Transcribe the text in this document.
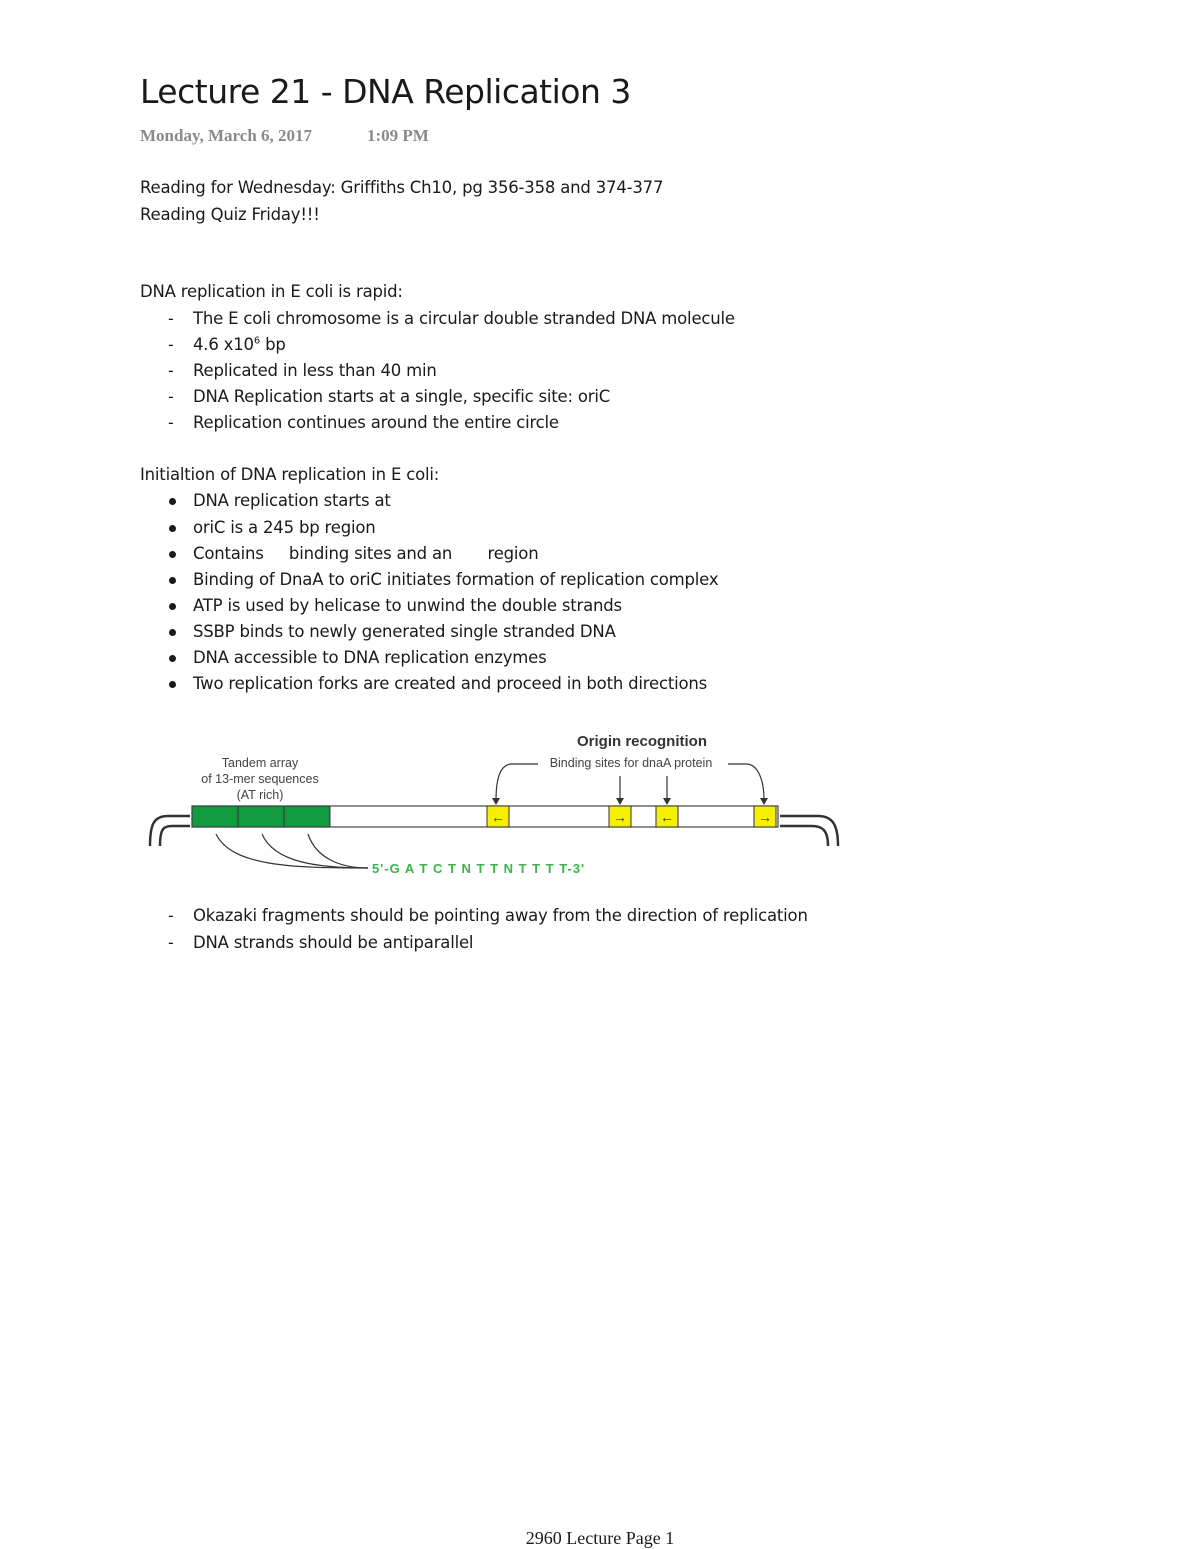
Lecture 21 - DNA Replication 3
Monday, March 6, 2017	1:09 PM
Reading for Wednesday: Griffiths Ch10, pg 356-358 and 374-377
Reading Quiz Friday!!!
DNA replication in E coli is rapid:
- The E coli chromosome is a circular double stranded DNA molecule
- 4.6 $x10^6$ bp
- Replicated in less than 40 min
- DNA Replication starts at a single, specific site: oriC
- Replication continues around the entire circle
Initialtion of DNA replication in E coli:
DNA replication starts at
oriC is a 245 bp region
Contains     binding sites and an       region
Binding of DnaA to oriC initiates formation of replication complex
ATP is used by helicase to unwind the double strands
SSBP binds to newly generated single stranded DNA
DNA accessible to DNA replication enzymes
Two replication forks are created and proceed in both directions
←	→ ←	→
Origin recognition
Binding sites for dnaA protein
Tandem array
of 13-mer sequences
(AT rich)
5'-G A T C T N T T N T T T T-3'
- Okazaki fragments should be pointing away from the direction of replication
- DNA strands should be antiparallel
2960 Lecture Page 1
